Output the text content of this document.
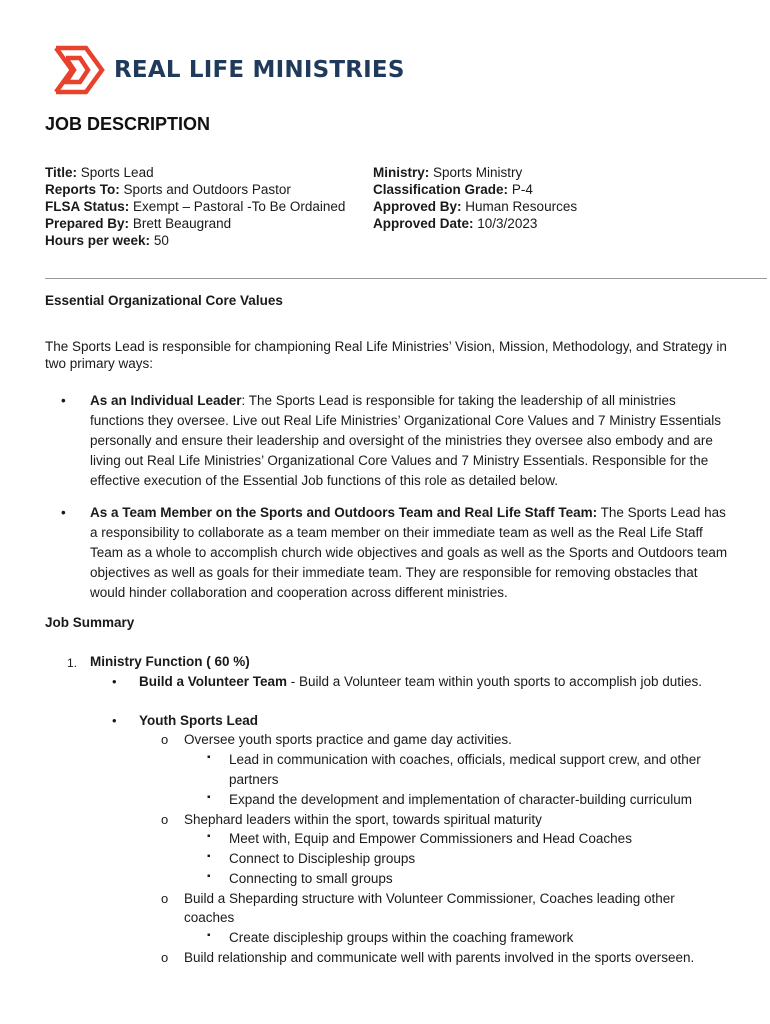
REAL LIFE MINISTRIES
JOB DESCRIPTION
Title: Sports Lead
Reports To: Sports and Outdoors Pastor
FLSA Status: Exempt – Pastoral -To Be Ordained
Prepared By: Brett Beaugrand
Hours per week: 50
Ministry: Sports Ministry
Classification Grade: P-4
Approved By: Human Resources
Approved Date: 10/3/2023
Essential Organizational Core Values

The Sports Lead is responsible for championing Real Life Ministries’ Vision, Mission, Methodology, and Strategy in two primary ways:

• As an Individual Leader: The Sports Lead is responsible for taking the leadership of all ministries functions they oversee. Live out Real Life Ministries’ Organizational Core Values and 7 Ministry Essentials personally and ensure their leadership and oversight of the ministries they oversee also embody and are living out Real Life Ministries’ Organizational Core Values and 7 Ministry Essentials. Responsible for the effective execution of the Essential Job functions of this role as detailed below.

• As a Team Member on the Sports and Outdoors Team and Real Life Staff Team: The Sports Lead has a responsibility to collaborate as a team member on their immediate team as well as the Real Life Staff Team as a whole to accomplish church wide objectives and goals as well as the Sports and Outdoors team objectives as well as goals for their immediate team. They are responsible for removing obstacles that would hinder collaboration and cooperation across different ministries.

Job Summary
1. Ministry Function ( 60 %)
• Build a Volunteer Team - Build a Volunteer team within youth sports to accomplish job duties.
• Youth Sports Lead
o Oversee youth sports practice and game day activities.
▪ Lead in communication with coaches, officials, medical support crew, and other
partners
▪ Expand the development and implementation of character-building curriculum
o Shephard leaders within the sport, towards spiritual maturity
▪ Meet with, Equip and Empower Commissioners and Head Coaches
▪ Connect to Discipleship groups
▪ Connecting to small groups
o Build a Sheparding structure with Volunteer Commissioner, Coaches leading other
coaches
▪ Create discipleship groups within the coaching framework
o Build relationship and communicate well with parents involved in the sports overseen.
